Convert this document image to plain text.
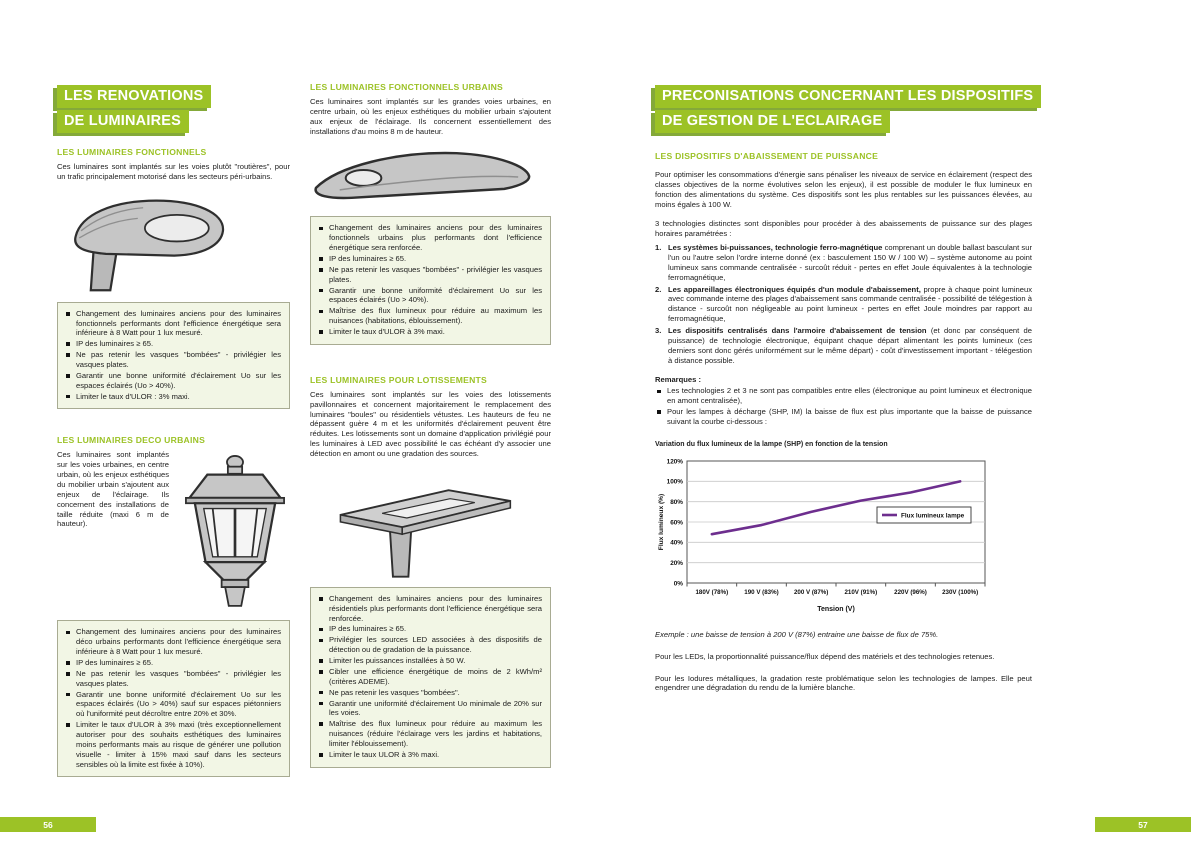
LES RENOVATIONS
DE LUMINAIRES
LES LUMINAIRES FONCTIONNELS

Ces luminaires sont implantés sur les voies plutôt "routières", pour un trafic principalement motorisé dans les secteurs péri-urbains.

Changement des luminaires anciens pour des luminaires fonctionnels performants dont l'efficience énergétique sera inférieure à 8 Watt pour 1 lux mesuré.
IP des luminaires ≥ 65.
Ne pas retenir les vasques "bombées" - privilégier les vasques plates.
Garantir une bonne uniformité d'éclairement Uo sur les espaces éclairés (Uo > 40%).
Limiter le taux d'ULOR : 3% maxi.
LES LUMINAIRES DECO URBAINS

Ces luminaires sont implantés sur les voies urbaines, en centre urbain, où les enjeux esthétiques du mobilier urbain s'ajoutent aux enjeux de l'éclairage. Ils concernent des installations de taille réduite (maxi 6 m de hauteur).

Changement des luminaires anciens pour des luminaires déco urbains performants dont l'efficience énergétique sera inférieure à 8 Watt pour 1 lux mesuré.
IP des luminaires ≥ 65.
Ne pas retenir les vasques "bombées" - privilégier les vasques plates.
Garantir une bonne uniformité d'éclairement Uo sur les espaces éclairés (Uo > 40%) sauf sur espaces piétonniers où l'uniformité peut décroître entre 20% et 30%.
Limiter le taux d'ULOR à 3% maxi (très exceptionnellement autoriser pour des souhaits esthétiques des luminaires moins performants mais au risque de générer une pollution visuelle - limiter à 15% maxi sauf dans les secteurs sensibles où la limite est fixée à 10%).
LES LUMINAIRES FONCTIONNELS URBAINS

Ces luminaires sont implantés sur les grandes voies urbaines, en centre urbain, où les enjeux esthétiques du mobilier urbain s'ajoutent aux enjeux de l'éclairage. Ils concernent essentiellement des installations d'au moins 8 m de hauteur.

Changement des luminaires anciens pour des luminaires fonctionnels urbains plus performants dont l'efficience énergétique sera renforcée.
IP des luminaires ≥ 65.
Ne pas retenir les vasques "bombées" - privilégier les vasques plates.
Garantir une bonne uniformité d'éclairement Uo sur les espaces éclairés (Uo > 40%).
Maîtrise des flux lumineux pour réduire au maximum les nuisances (habitations, éblouissement).
Limiter le taux d'ULOR à 3% maxi.
LES LUMINAIRES POUR LOTISSEMENTS

Ces luminaires sont implantés sur les voies des lotissements pavillonnaires et concernent majoritairement le remplacement des luminaires "boules" ou résidentiels vétustes. Les hauteurs de feu ne dépassent guère 4 m et les uniformités d'éclairement peuvent être réduites. Les lotissements sont un domaine d'application privilégié pour les luminaires à LED avec possibilité le cas échéant d'y associer une détection en amont ou une gradation des sources.

Changement des luminaires anciens pour des luminaires résidentiels plus performants dont l'efficience énergétique sera renforcée.
IP des luminaires ≥ 65.
Privilégier les sources LED associées à des dispositifs de détection ou de gradation de la puissance.
Limiter les puissances installées à 50 W.
Cibler une efficience énergétique de moins de 2 kWh/m² (critères ADEME).
Ne pas retenir les vasques "bombées".
Garantir une uniformité d'éclairement Uo minimale de 20% sur les voies.
Maîtrise des flux lumineux pour réduire au maximum les nuisances (réduire l'éclairage vers les jardins et habitations, limiter l'éblouissement).
Limiter le taux ULOR à 3% maxi.
56
PRECONISATIONS CONCERNANT LES DISPOSITIFS
DE GESTION DE L'ECLAIRAGE
LES DISPOSITIFS D'ABAISSEMENT DE PUISSANCE

Pour optimiser les consommations d'énergie sans pénaliser les niveaux de service en éclairement (respect des classes objectives de la norme évolutives selon les enjeux), il est possible de moduler le flux lumineux en fonction des alimentations du système. Ces dispositifs sont les plus rentables sur les puissances élevées, au moins égales à 100 W.

3 technologies distinctes sont disponibles pour procéder à des abaissements de puissance sur des plages horaires paramétrées :

1. Les systèmes bi-puissances, technologie ferro-magnétique comprenant un double ballast basculant sur l'un ou l'autre selon l'ordre interne donné (ex : basculement 150 W / 100 W) – système autonome au point lumineux sans commande centralisée - surcoût réduit - pertes en effet Joule équivalentes à la technologie ferromagnétique,
2. Les appareillages électroniques équipés d'un module d'abaissement, propre à chaque point lumineux avec commande interne des plages d'abaissement sans commande centralisée - possibilité de télégestion à distance - surcoût non négligeable au point lumineux - pertes en effet Joule moindres par rapport au ferromagnétique,
3. Les dispositifs centralisés dans l'armoire d'abaissement de tension (et donc par conséquent de puissance) de technologie électronique, équipant chaque départ alimentant les points lumineux (ces derniers sont donc gérés uniformément sur le même départ) - coût d'investissement important - télégestion à distance possible.
Remarques :
Les technologies 2 et 3 ne sont pas compatibles entre elles (électronique au point lumineux et électronique en amont centralisée),
Pour les lampes à décharge (SHP, IM) la baisse de flux est plus importante que la baisse de puissance suivant la courbe ci-dessous :
Variation du flux lumineux de la lampe (SHP) en fonction de la tension
0%
20%
40%
60%
80%
100%
120%
180V (78%)	190 V (83%) 200 V (87%)	210V (91%)	220V (96%) 230V (100%)
Flux lumineux lampe
Tension (V)
Flux lumineux (%)

Exemple : une baisse de tension à 200 V (87%) entraine une baisse de flux de 75%.

Pour les LEDs, la proportionnalité puissance/flux dépend des matériels et des technologies retenues.

Pour les Iodures métalliques, la gradation reste problématique selon les technologies de lampes. Elle peut engendrer une dégradation du rendu de la lumière blanche.

57
